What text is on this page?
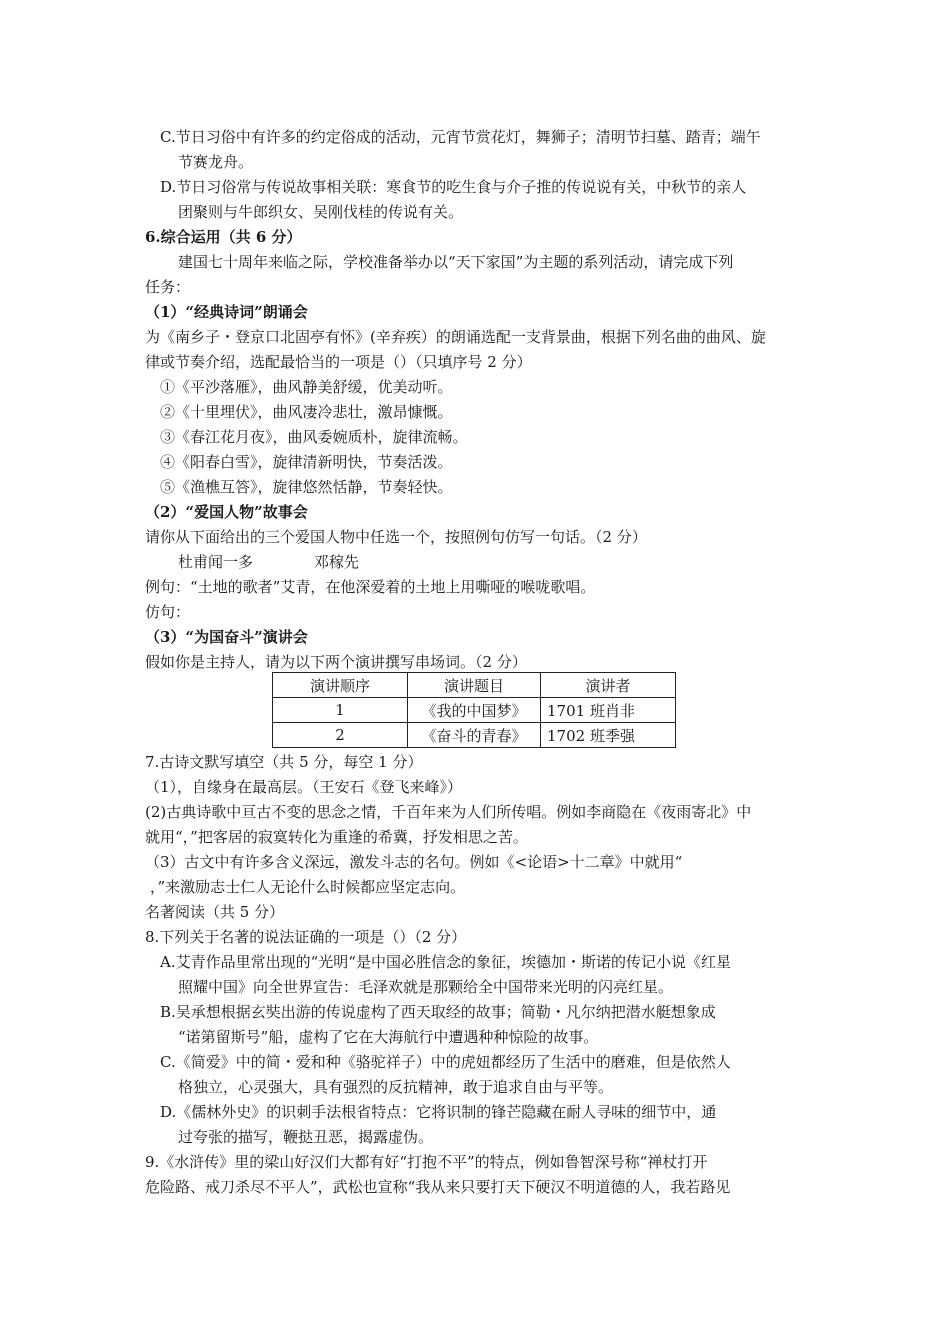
C.节日习俗中有许多的约定俗成的活动，元宵节赏花灯，舞狮子；清明节扫墓、踏青；端午
节赛龙舟。
D.节日习俗常与传说故事相关联：寒食节的吃生食与介子推的传说说有关，中秋节的亲人
团聚则与牛郎织女、吴刚伐桂的传说有关。
6.综合运用（共 6 分）
建国七十周年来临之际，学校准备举办以“天下家国”为主题的系列活动，请完成下列
任务：
（1）“经典诗词”朗诵会
为《南乡子・登京口北固亭有怀》(辛弃疾）的朗诵选配一支背景曲，根据下列名曲的曲风、旋
律或节奏介绍，选配最恰当的一项是（）（只填序号 2 分）
①《平沙落雁》，曲风静美舒缓，优美动听。
②《十里埋伏》，曲风凄冷悲壮，激昂慷慨。
③《春江花月夜》，曲风委婉质朴，旋律流畅。
④《阳春白雪》，旋律清新明快，节奏活泼。
⑤《渔樵互答》，旋律悠然恬静，节奏轻快。
（2）“爱国人物”故事会
请你从下面给出的三个爱国人物中任选一个，按照例句仿写一句话。（2 分）
杜甫闻一多	邓稼先
例句：“土地的歌者”艾青，在他深爱着的土地上用嘶哑的喉咙歌唱。
仿句：
（3）“为国奋斗”演讲会
假如你是主持人，请为以下两个演讲撰写串场词。（2 分）
演讲顺序	演讲题目	演讲者
1	《我的中国梦》	1701 班肖非
2	《奋斗的青春》	1702 班季强
7.古诗文默写填空（共 5 分，每空 1 分）
（1），自缘身在最高层。（王安石《登飞来峰》）
(2)古典诗歌中亘古不变的思念之情，千百年来为人们所传唱。例如李商隐在《夜雨寄北》中
就用“，”把客居的寂寞转化为重逢的希冀，抒发相思之苦。
（3）古文中有许多含义深远，激发斗志的名句。例如《<论语>十二章》中就用“
，”来激励志士仁人无论什么时候都应坚定志向。
名著阅读（共 5 分）
8.下列关于名著的说法证确的一项是（）（2 分）
A.艾青作品里常出现的“光明“是中国必胜信念的象征，埃德加・斯诺的传记小说《红星
照耀中国》向全世界宣告：毛泽欢就是那颗给全中国带来光明的闪亮红星。
B.吴承想根据玄奘出游的传说虚构了西天取经的故事；简勒・凡尔纳把潜水艇想象成
“诺第留斯号”船，虚构了它在大海航行中遭遇种种惊险的故事。
C.《简爱》中的简・爱和种《骆驼祥子）中的虎妞都经历了生活中的磨难，但是依然人
格独立，心灵强大，具有强烈的反抗精神，敢于追求自由与平等。
D.《儒林外史》的识刺手法根省特点：它将识制的锋芒隐藏在耐人寻味的细节中，通
过夸张的描写，鞭挞丑恶，揭露虚伪。
9.《水浒传》里的梁山好汉们大都有好“打抱不平”的特点，例如鲁智深号称“禅杖打开
危险路、戒刀杀尽不平人”，武松也宣称“我从来只要打天下硬汉不明道德的人，我若路见
